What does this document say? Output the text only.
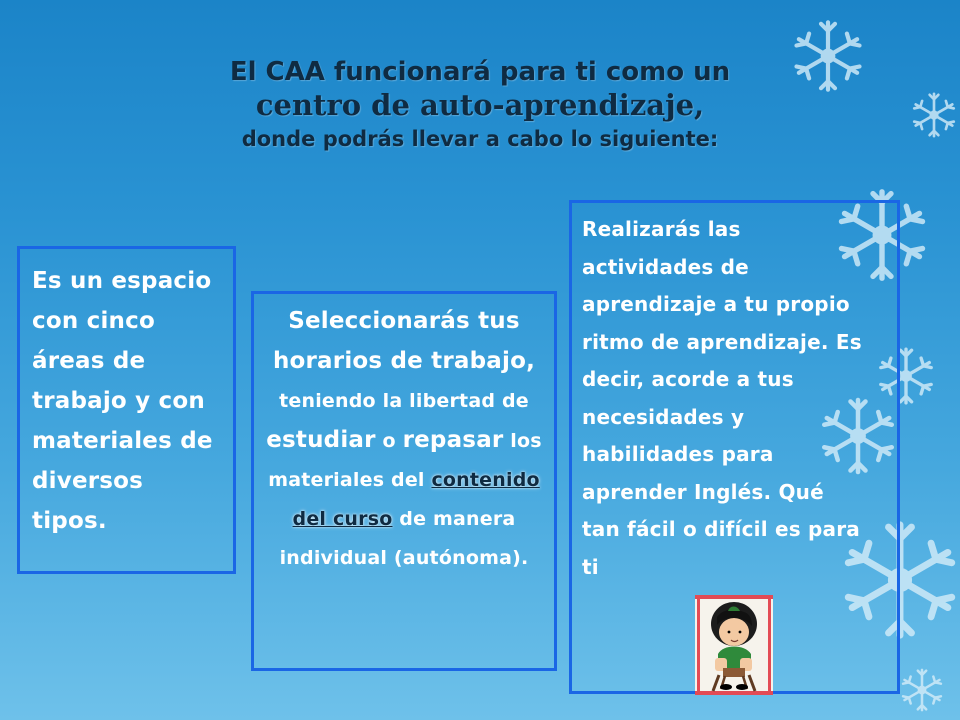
El CAA funcionará para ti como un
centro de auto-aprendizaje,
donde podrás llevar a cabo lo siguiente:
Es un espacio con cinco áreas de trabajo y con materiales de diversos tipos.
Seleccionarás tus horarios de trabajo, teniendo la libertad de estudiar o repasar los materiales del contenido del curso de manera individual (autónoma).
Realizarás las actividades de aprendizaje a tu propio ritmo de aprendizaje. Es decir, acorde a tus necesidades y habilidades para aprender Inglés. Qué tan fácil o difícil es para ti
